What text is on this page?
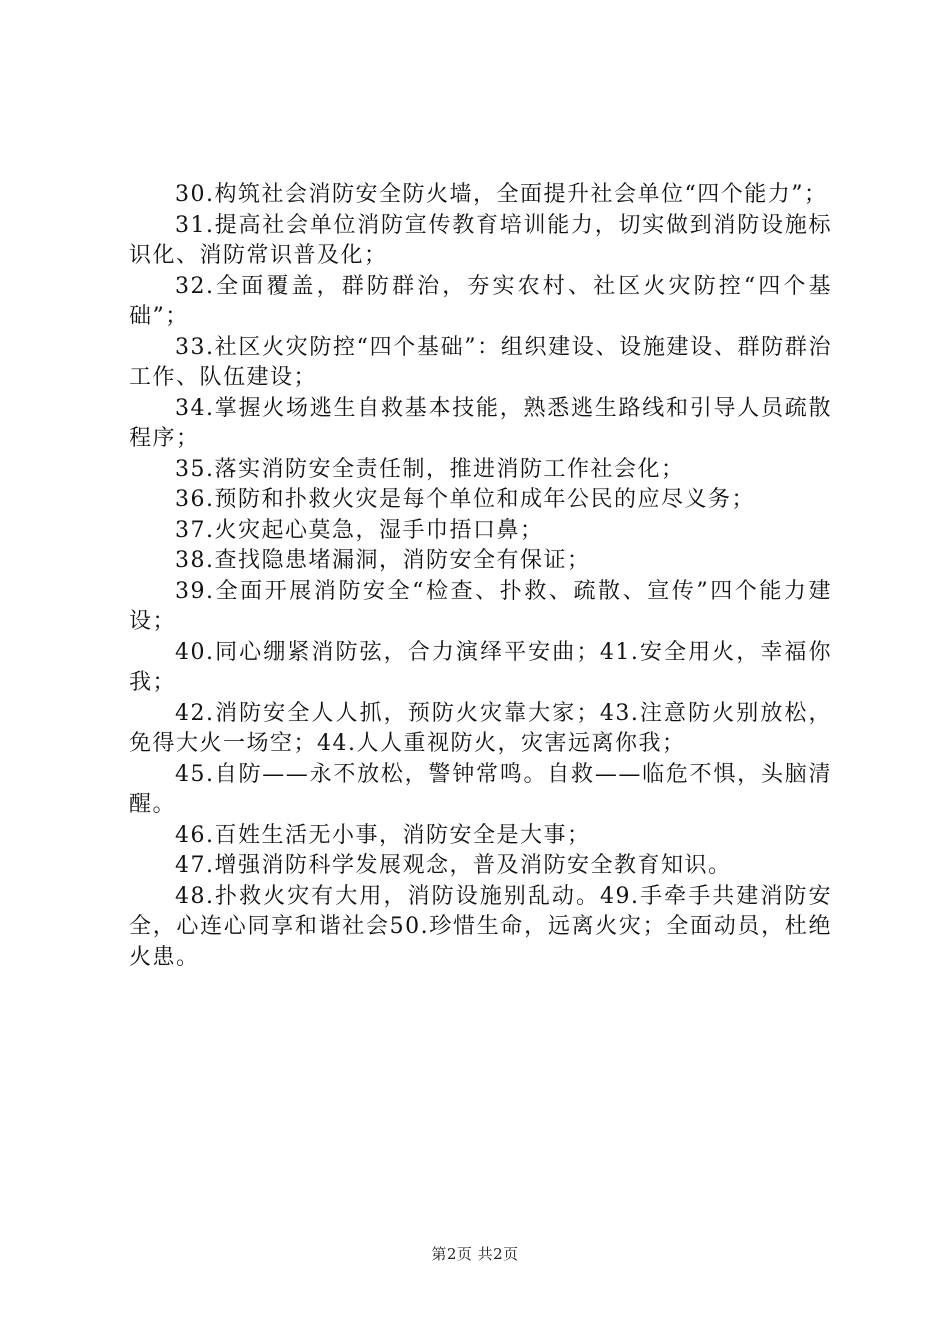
30.构筑社会消防安全防火墙，全面提升社会单位“四个能力”；

31.提高社会单位消防宣传教育培训能力，切实做到消防设施标识化、消防常识普及化；

32.全面覆盖，群防群治，夯实农村、社区火灾防控“四个基础”；

33.社区火灾防控“四个基础”：组织建设、设施建设、群防群治工作、队伍建设；

34.掌握火场逃生自救基本技能，熟悉逃生路线和引导人员疏散程序；

35.落实消防安全责任制，推进消防工作社会化；

36.预防和扑救火灾是每个单位和成年公民的应尽义务；

37.火灾起心莫急，湿手巾捂口鼻；

38.查找隐患堵漏洞，消防安全有保证；

39.全面开展消防安全“检查、扑救、疏散、宣传”四个能力建设；

40.同心绷紧消防弦，合力演绎平安曲；41.安全用火，幸福你我；

42.消防安全人人抓，预防火灾靠大家；43.注意防火别放松，免得大火一场空；44.人人重视防火，灾害远离你我；

45.自防——永不放松，警钟常鸣。自救——临危不惧，头脑清醒。

46.百姓生活无小事，消防安全是大事；

47.增强消防科学发展观念，普及消防安全教育知识。

48.扑救火灾有大用，消防设施别乱动。49.手牵手共建消防安全，心连心同享和谐社会50.珍惜生命，远离火灾；全面动员，杜绝火患。

第2页 共2页
